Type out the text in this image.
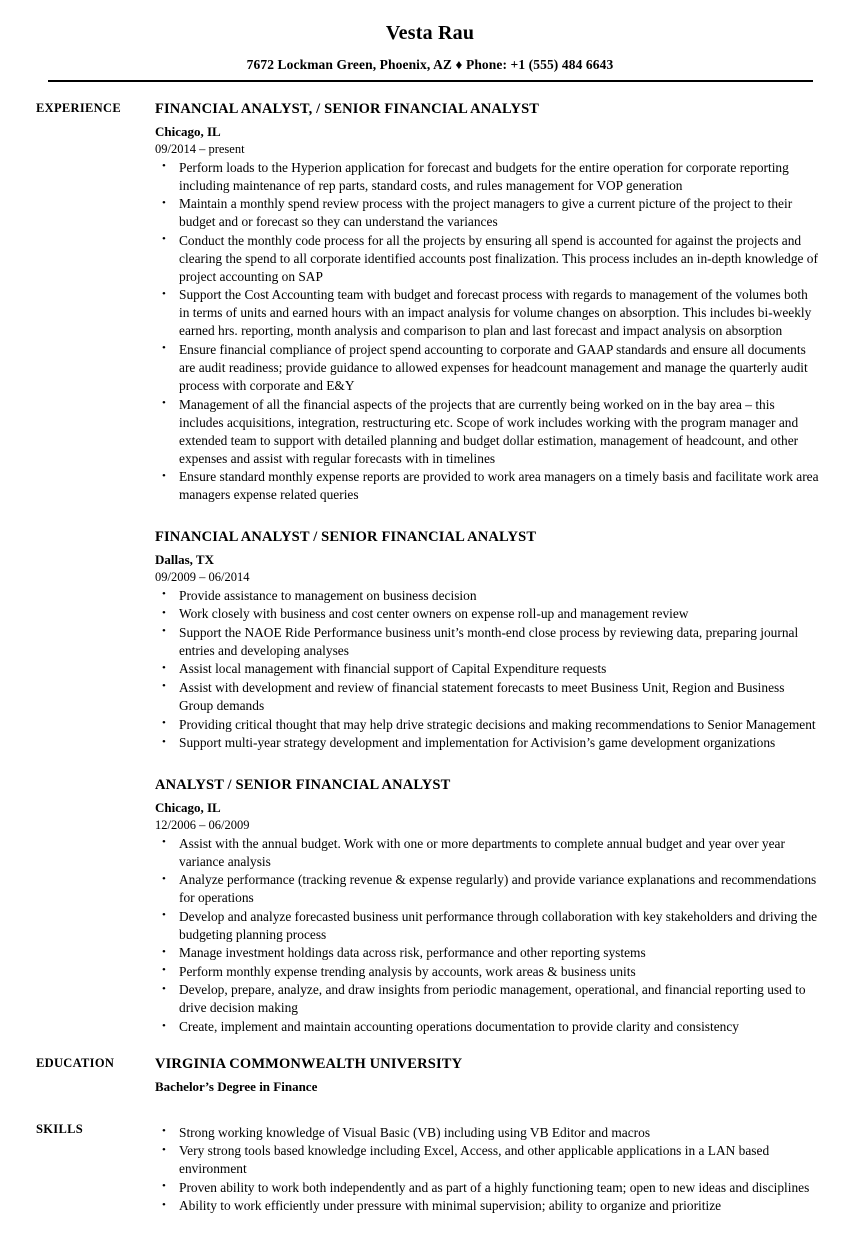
Vesta Rau
7672 Lockman Green, Phoenix, AZ ♦ Phone: +1 (555) 484 6643
EXPERIENCE	FINANCIAL ANALYST, / SENIOR FINANCIAL ANALYST
Chicago, IL
09/2014 – present
• Perform loads to the Hyperion application for forecast and budgets for the entire operation for corporate reporting including maintenance of rep parts, standard costs, and rules management for VOP generation
• Maintain a monthly spend review process with the project managers to give a current picture of the project to their budget and or forecast so they can understand the variances
• Conduct the monthly code process for all the projects by ensuring all spend is accounted for against the projects and clearing the spend to all corporate identified accounts post finalization. This process includes an in-depth knowledge of project accounting on SAP
• Support the Cost Accounting team with budget and forecast process with regards to management of the volumes both in terms of units and earned hours with an impact analysis for volume changes on absorption. This includes bi-weekly earned hrs. reporting, month analysis and comparison to plan and last forecast and impact analysis on absorption
• Ensure financial compliance of project spend accounting to corporate and GAAP standards and ensure all documents are audit readiness; provide guidance to allowed expenses for headcount management and manage the quarterly audit process with corporate and E&Y
• Management of all the financial aspects of the projects that are currently being worked on in the bay area – this includes acquisitions, integration, restructuring etc. Scope of work includes working with the program manager and extended team to support with detailed planning and budget dollar estimation, management of headcount, and other expenses and assist with regular forecasts with in timelines
• Ensure standard monthly expense reports are provided to work area managers on a timely basis and facilitate work area managers expense related queries
FINANCIAL ANALYST / SENIOR FINANCIAL ANALYST
Dallas, TX
09/2009 – 06/2014
• Provide assistance to management on business decision
• Work closely with business and cost center owners on expense roll-up and management review
• Support the NAOE Ride Performance business unit’s month-end close process by reviewing data, preparing journal entries and developing analyses
• Assist local management with financial support of Capital Expenditure requests
• Assist with development and review of financial statement forecasts to meet Business Unit, Region and Business Group demands
• Providing critical thought that may help drive strategic decisions and making recommendations to Senior Management
• Support multi-year strategy development and implementation for Activision’s game development organizations
ANALYST / SENIOR FINANCIAL ANALYST
Chicago, IL
12/2006 – 06/2009
• Assist with the annual budget. Work with one or more departments to complete annual budget and year over year variance analysis
• Analyze performance (tracking revenue & expense regularly) and provide variance explanations and recommendations for operations
• Develop and analyze forecasted business unit performance through collaboration with key stakeholders and driving the budgeting planning process
• Manage investment holdings data across risk, performance and other reporting systems
• Perform monthly expense trending analysis by accounts, work areas & business units
• Develop, prepare, analyze, and draw insights from periodic management, operational, and financial reporting used to drive decision making
• Create, implement and maintain accounting operations documentation to provide clarity and consistency
EDUCATION	VIRGINIA COMMONWEALTH UNIVERSITY
Bachelor’s Degree in Finance
SKILLS	• Strong working knowledge of Visual Basic (VB) including using VB Editor and macros
• Very strong tools based knowledge including Excel, Access, and other applicable applications in a LAN based environment
• Proven ability to work both independently and as part of a highly functioning team; open to new ideas and disciplines
• Ability to work efficiently under pressure with minimal supervision; ability to organize and prioritize
